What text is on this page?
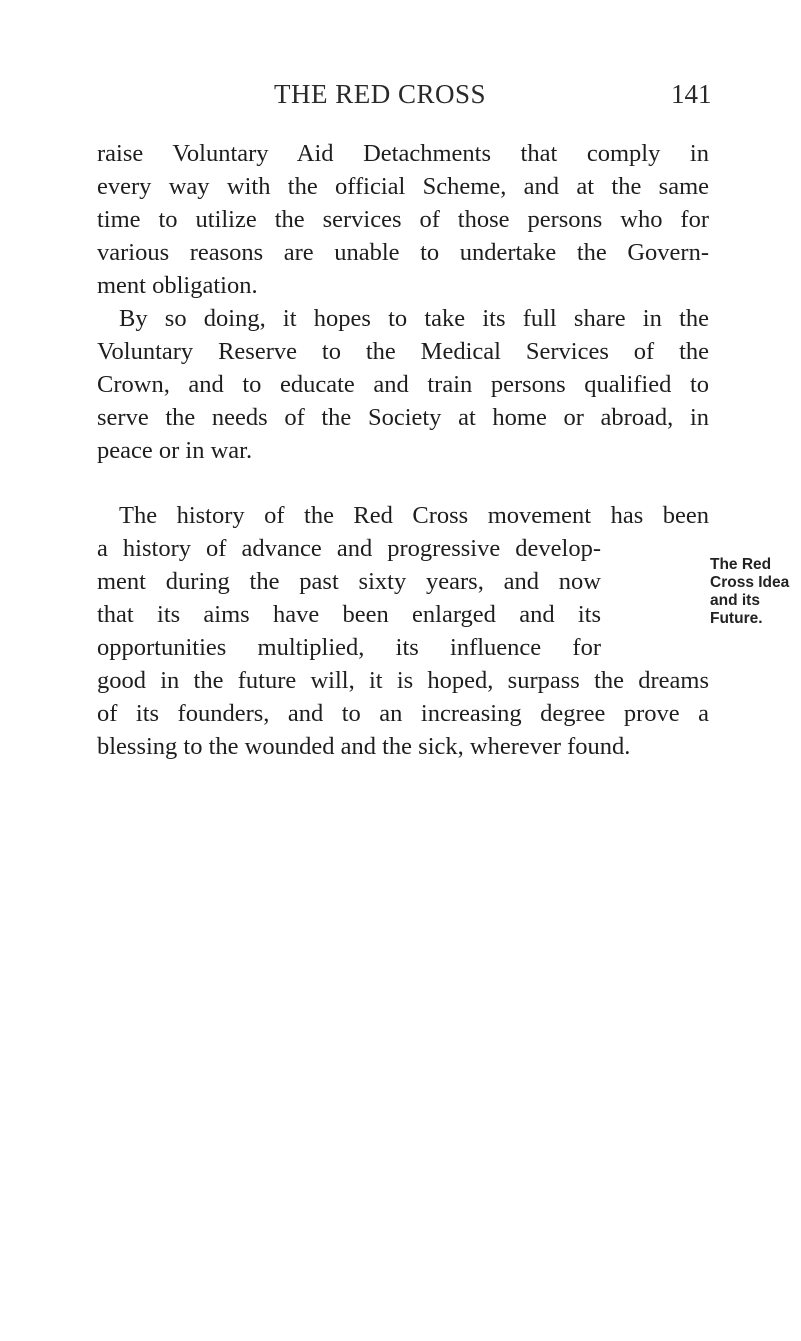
THE RED CROSS	141
raise Voluntary Aid Detachments that comply in
every way with the official Scheme, and at the same
time to utilize the services of those persons who for
various reasons are unable to undertake the Govern-
ment obligation.
By so doing, it hopes to take its full share in the
Voluntary Reserve to the Medical Services of the
Crown, and to educate and train persons qualified to
serve the needs of the Society at home or abroad, in
peace or in war.
The history of the Red Cross movement has been
a history of advance and progressive develop-
ment during the past sixty years, and now
that its aims have been enlarged and its
opportunities multiplied, its influence for
good in the future will, it is hoped, surpass the dreams
of its founders, and to an increasing degree prove a
blessing to the wounded and the sick, wherever found.
The Red
Cross Idea
and its
Future.
